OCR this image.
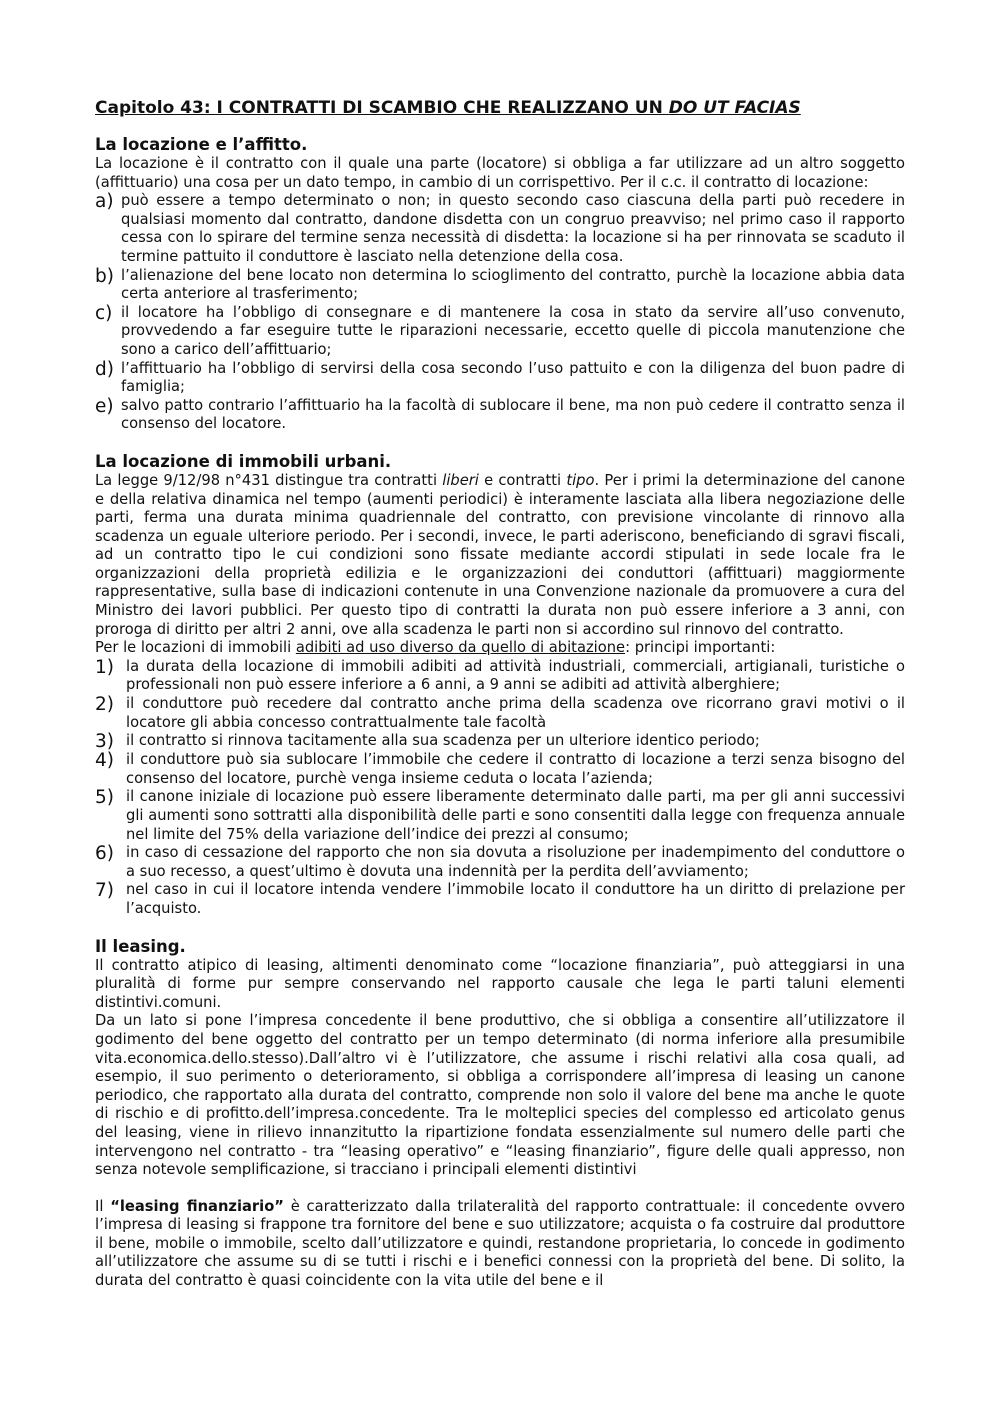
Capitolo 43: I CONTRATTI DI SCAMBIO CHE REALIZZANO UN DO UT FACIAS
La locazione e l’affitto.

La locazione è il contratto con il quale una parte (locatore) si obbliga a far utilizzare ad un altro soggetto (affittuario) una cosa per un dato tempo, in cambio di un corrispettivo. Per il c.c. il contratto di locazione:

a) può essere a tempo determinato o non; in questo secondo caso ciascuna della parti può recedere in qualsiasi momento dal contratto, dandone disdetta con un congruo preavviso; nel primo caso il rapporto cessa con lo spirare del termine senza necessità di disdetta: la locazione si ha per rinnovata se scaduto il termine pattuito il conduttore è lasciato nella detenzione della cosa.
b) l’alienazione del bene locato non determina lo scioglimento del contratto, purchè la locazione abbia data certa anteriore al trasferimento;
c) il locatore ha l’obbligo di consegnare e di mantenere la cosa in stato da servire all’uso convenuto, provvedendo a far eseguire tutte le riparazioni necessarie, eccetto quelle di piccola manutenzione che sono a carico dell’affittuario;
d) l’affittuario ha l’obbligo di servirsi della cosa secondo l’uso pattuito e con la diligenza del buon padre di famiglia;
e) salvo patto contrario l’affittuario ha la facoltà di sublocare il bene, ma non può cedere il contratto senza il consenso del locatore.
La locazione di immobili urbani.

La legge 9/12/98 n°431 distingue tra contratti liberi e contratti tipo. Per i primi la determinazione del canone e della relativa dinamica nel tempo (aumenti periodici) è interamente lasciata alla libera negoziazione delle parti, ferma una durata minima quadriennale del contratto, con previsione vincolante di rinnovo alla scadenza un eguale ulteriore periodo. Per i secondi, invece, le parti aderiscono, beneficiando di sgravi fiscali, ad un contratto tipo le cui condizioni sono fissate mediante accordi stipulati in sede locale fra le organizzazioni della proprietà edilizia e le organizzazioni dei conduttori (affittuari) maggiormente rappresentative, sulla base di indicazioni contenute in una Convenzione nazionale da promuovere a cura del Ministro dei lavori pubblici. Per questo tipo di contratti la durata non può essere inferiore a 3 anni, con proroga di diritto per altri 2 anni, ove alla scadenza le parti non si accordino sul rinnovo del contratto.

Per le locazioni di immobili adibiti ad uso diverso da quello di abitazione: principi importanti:

1) la durata della locazione di immobili adibiti ad attività industriali, commerciali, artigianali, turistiche o professionali non può essere inferiore a 6 anni, a 9 anni se adibiti ad attività alberghiere;
2) il conduttore può recedere dal contratto anche prima della scadenza ove ricorrano gravi motivi o il locatore gli abbia concesso contrattualmente tale facoltà
3) il contratto si rinnova tacitamente alla sua scadenza per un ulteriore identico periodo;
4) il conduttore può sia sublocare l’immobile che cedere il contratto di locazione a terzi senza bisogno del consenso del locatore, purchè venga insieme ceduta o locata l’azienda;
5) il canone iniziale di locazione può essere liberamente determinato dalle parti, ma per gli anni successivi gli aumenti sono sottratti alla disponibilità delle parti e sono consentiti dalla legge con frequenza annuale nel limite del 75% della variazione dell’indice dei prezzi al consumo;
6) in caso di cessazione del rapporto che non sia dovuta a risoluzione per inadempimento del conduttore o a suo recesso, a quest’ultimo è dovuta una indennità per la perdita dell’avviamento;
7) nel caso in cui il locatore intenda vendere l’immobile locato il conduttore ha un diritto di prelazione per l’acquisto.
Il leasing.

Il contratto atipico di leasing, altimenti denominato come “locazione finanziaria”, può atteggiarsi in una pluralità di forme pur sempre conservando nel rapporto causale che lega le parti taluni elementi distintivi.comuni.

Da un lato si pone l’impresa concedente il bene produttivo, che si obbliga a consentire all’utilizzatore il godimento del bene oggetto del contratto per un tempo determinato (di norma inferiore alla presumibile vita.economica.dello.stesso).Dall’altro vi è l’utilizzatore, che assume i rischi relativi alla cosa quali, ad esempio, il suo perimento o deterioramento, si obbliga a corrispondere all’impresa di leasing un canone periodico, che rapportato alla durata del contratto, comprende non solo il valore del bene ma anche le quote di rischio e di profitto.dell’impresa.concedente. Tra le molteplici species del complesso ed articolato genus del leasing, viene in rilievo innanzitutto la ripartizione fondata essenzialmente sul numero delle parti che intervengono nel contratto - tra “leasing operativo” e “leasing finanziario”, figure delle quali appresso, non senza notevole semplificazione, si tracciano i principali elementi distintivi

Il “leasing finanziario” è caratterizzato dalla trilateralità del rapporto contrattuale: il concedente ovvero l’impresa di leasing si frappone tra fornitore del bene e suo utilizzatore; acquista o fa costruire dal produttore il bene, mobile o immobile, scelto dall’utilizzatore e quindi, restandone proprietaria, lo concede in godimento all’utilizzatore che assume su di se tutti i rischi e i benefici connessi con la proprietà del bene. Di solito, la durata del contratto è quasi coincidente con la vita utile del bene e il
